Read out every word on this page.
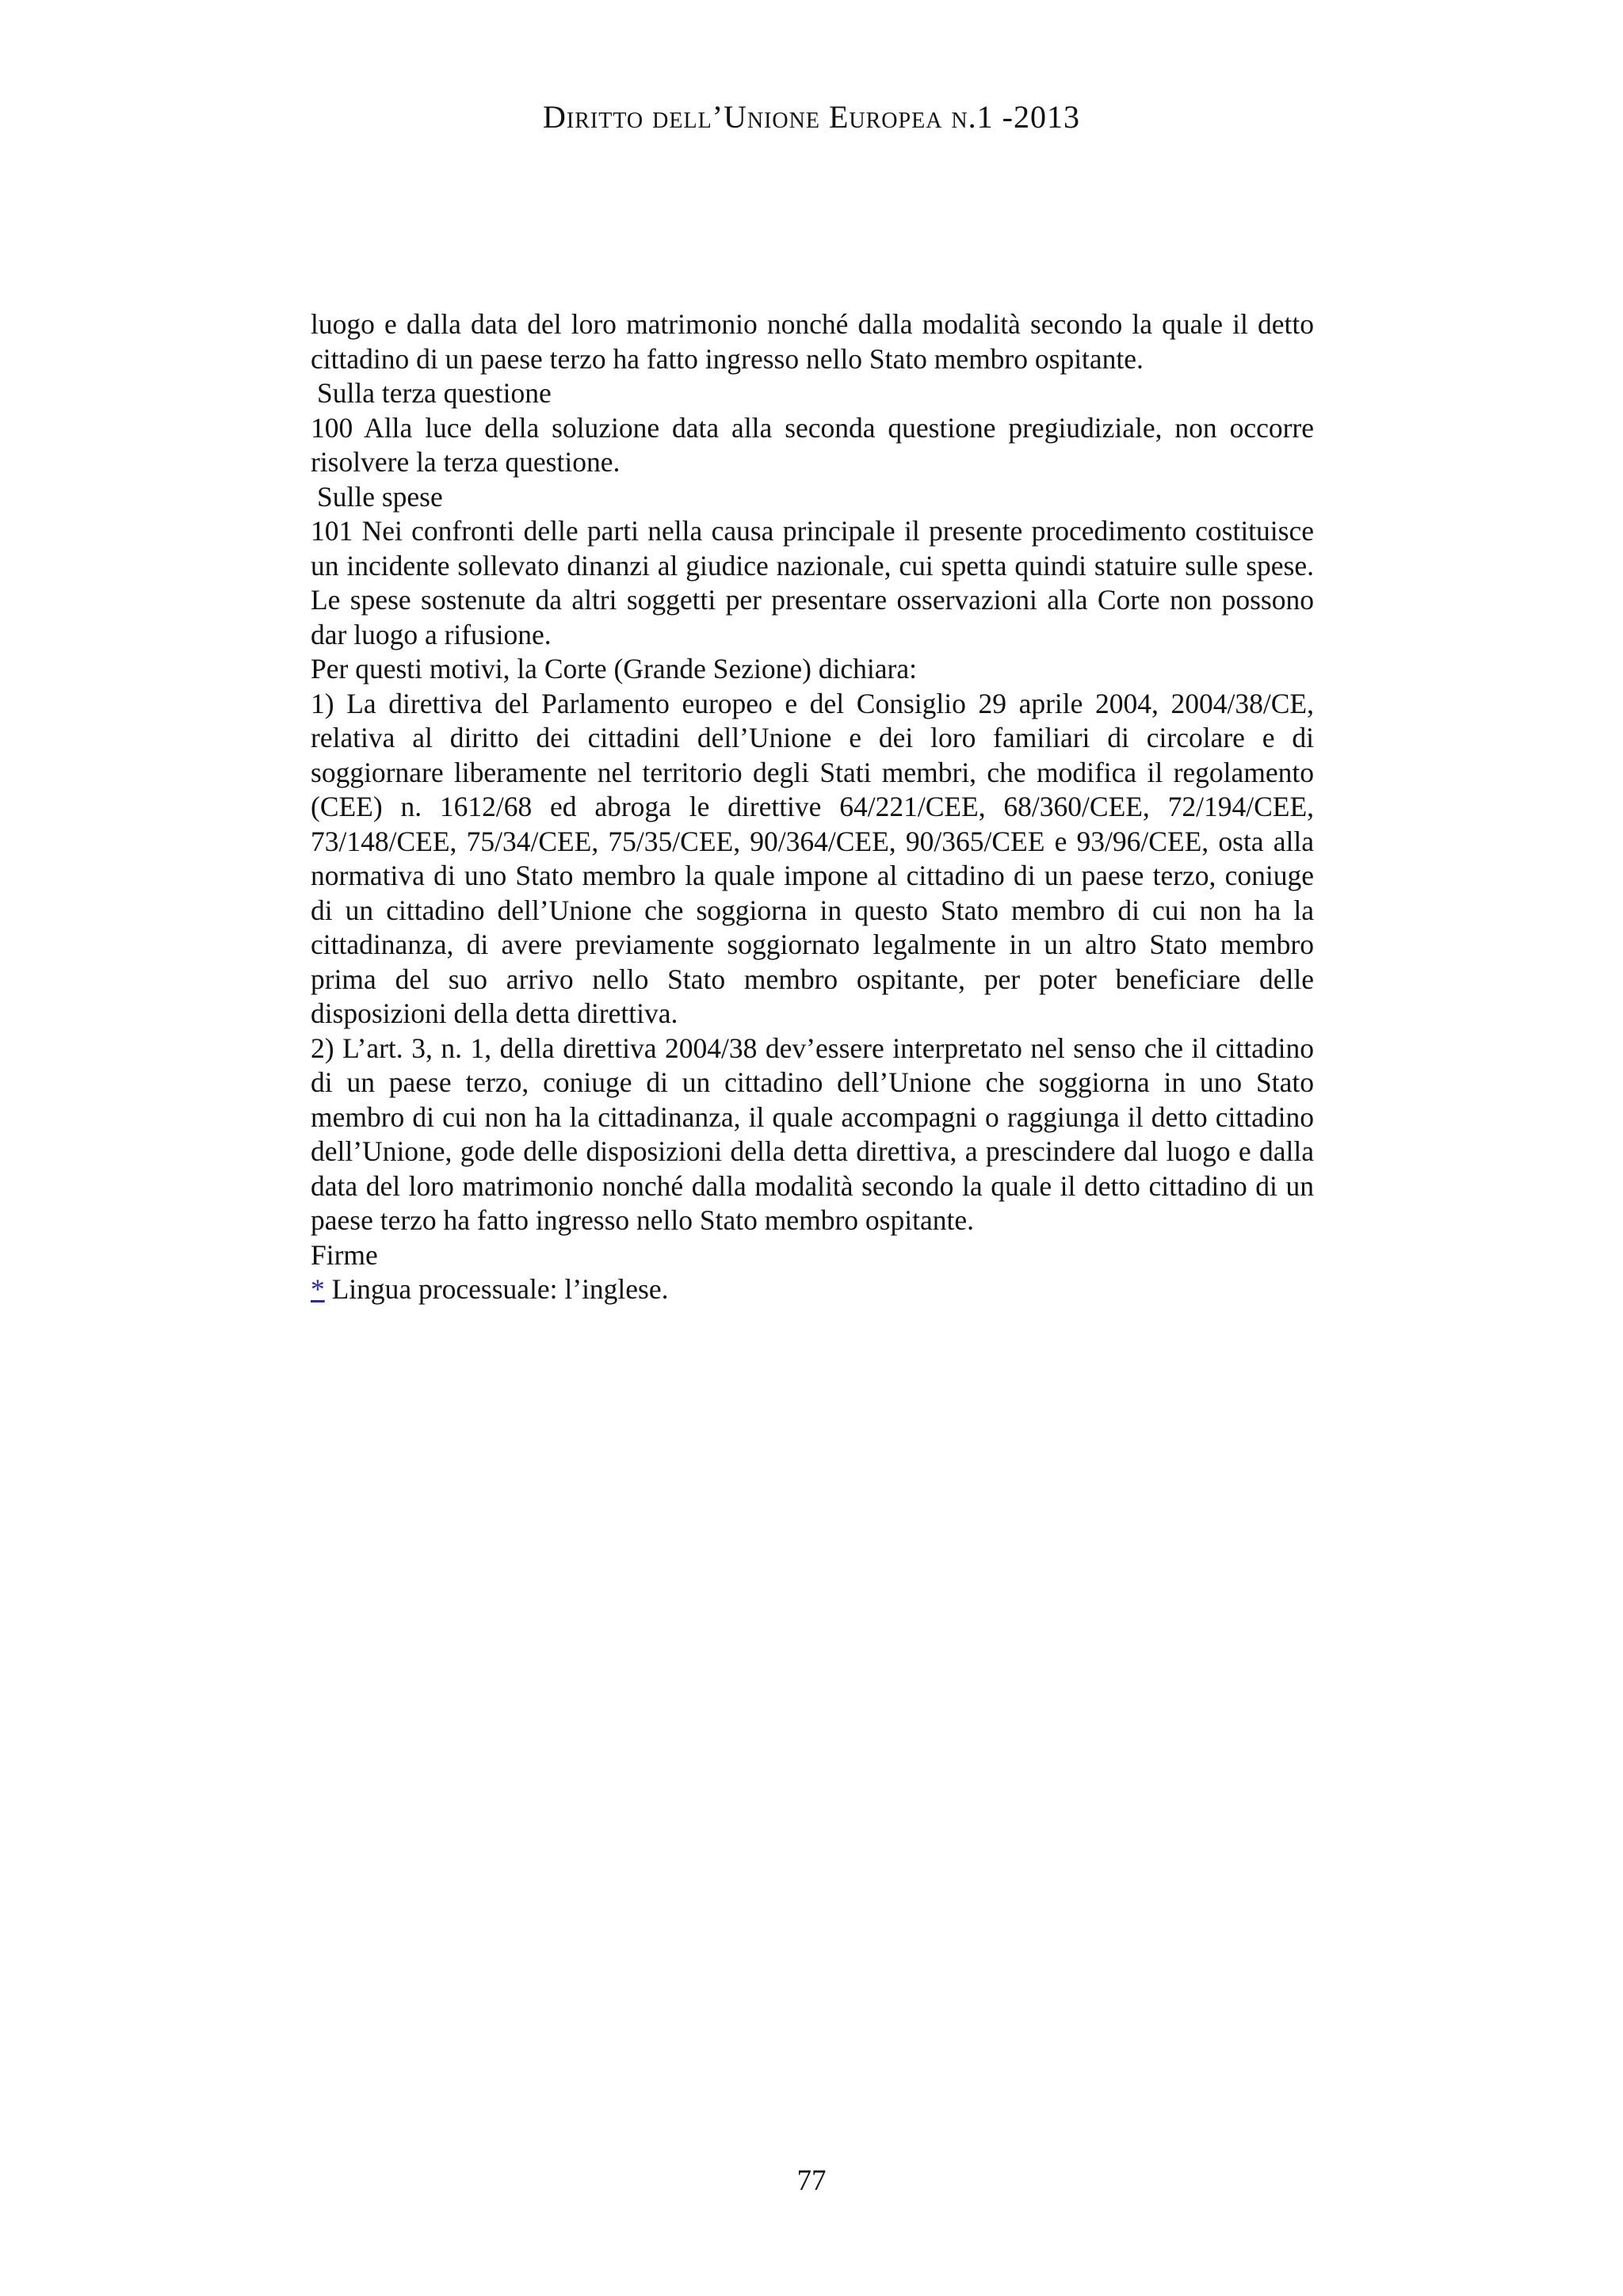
Diritto dell’Unione Europea n.1 -2013

luogo e dalla data del loro matrimonio nonché dalla modalità secondo la quale il detto cittadino di un paese terzo ha fatto ingresso nello Stato membro ospitante.

Sulla terza questione

100 Alla luce della soluzione data alla seconda questione pregiudiziale, non occorre risolvere la terza questione.

Sulle spese

101 Nei confronti delle parti nella causa principale il presente procedimento costituisce un incidente sollevato dinanzi al giudice nazionale, cui spetta quindi statuire sulle spese. Le spese sostenute da altri soggetti per presentare osservazioni alla Corte non possono dar luogo a rifusione.

Per questi motivi, la Corte (Grande Sezione) dichiara:

1) La direttiva del Parlamento europeo e del Consiglio 29 aprile 2004, 2004/38/CE, relativa al diritto dei cittadini dell’Unione e dei loro familiari di circolare e di soggiornare liberamente nel territorio degli Stati membri, che modifica il regolamento (CEE) n. 1612/68 ed abroga le direttive 64/221/CEE, 68/360/CEE, 72/194/CEE, 73/148/CEE, 75/34/CEE, 75/35/CEE, 90/364/CEE, 90/365/CEE e 93/96/CEE, osta alla normativa di uno Stato membro la quale impone al cittadino di un paese terzo, coniuge di un cittadino dell’Unione che soggiorna in questo Stato membro di cui non ha la cittadinanza, di avere previamente soggiornato legalmente in un altro Stato membro prima del suo arrivo nello Stato membro ospitante, per poter beneficiare delle disposizioni della detta direttiva.

2) L’art. 3, n. 1, della direttiva 2004/38 dev’essere interpretato nel senso che il cittadino di un paese terzo, coniuge di un cittadino dell’Unione che soggiorna in uno Stato membro di cui non ha la cittadinanza, il quale accompagni o raggiunga il detto cittadino dell’Unione, gode delle disposizioni della detta direttiva, a prescindere dal luogo e dalla data del loro matrimonio nonché dalla modalità secondo la quale il detto cittadino di un paese terzo ha fatto ingresso nello Stato membro ospitante.

Firme

* Lingua processuale: l’inglese.

77
